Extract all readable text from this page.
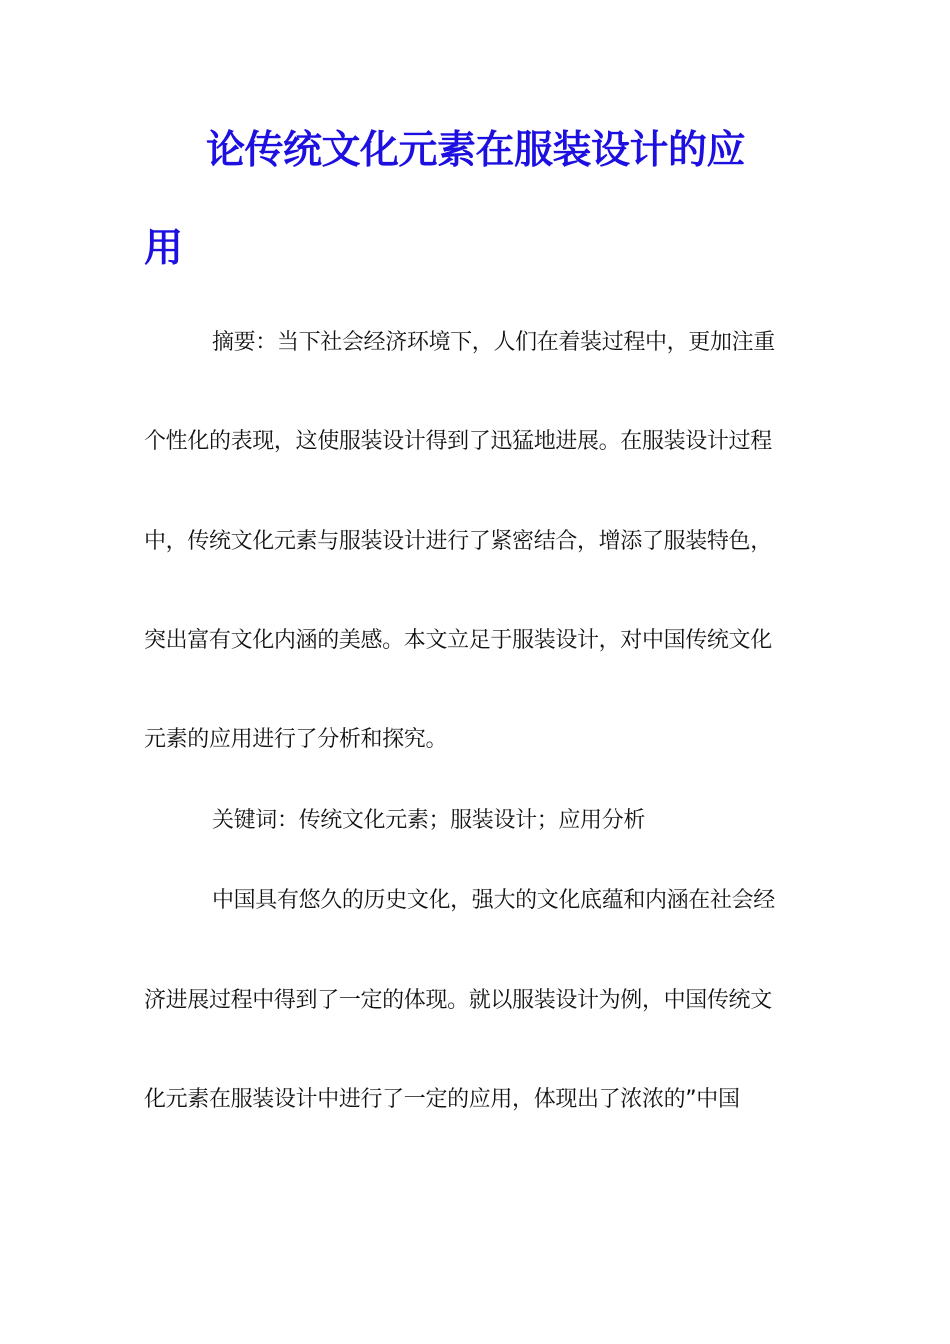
论传统文化元素在服装设计的应
用
摘要：当下社会经济环境下，人们在着装过程中，更加注重
个性化的表现，这使服装设计得到了迅猛地进展。在服装设计过程
中，传统文化元素与服装设计进行了紧密结合，增添了服装特色，
突出富有文化内涵的美感。本文立足于服装设计，对中国传统文化
元素的应用进行了分析和探究。
关键词：传统文化元素；服装设计；应用分析
中国具有悠久的历史文化，强大的文化底蕴和内涵在社会经
济进展过程中得到了一定的体现。就以服装设计为例，中国传统文
化元素在服装设计中进行了一定的应用，体现出了浓浓的”中国
